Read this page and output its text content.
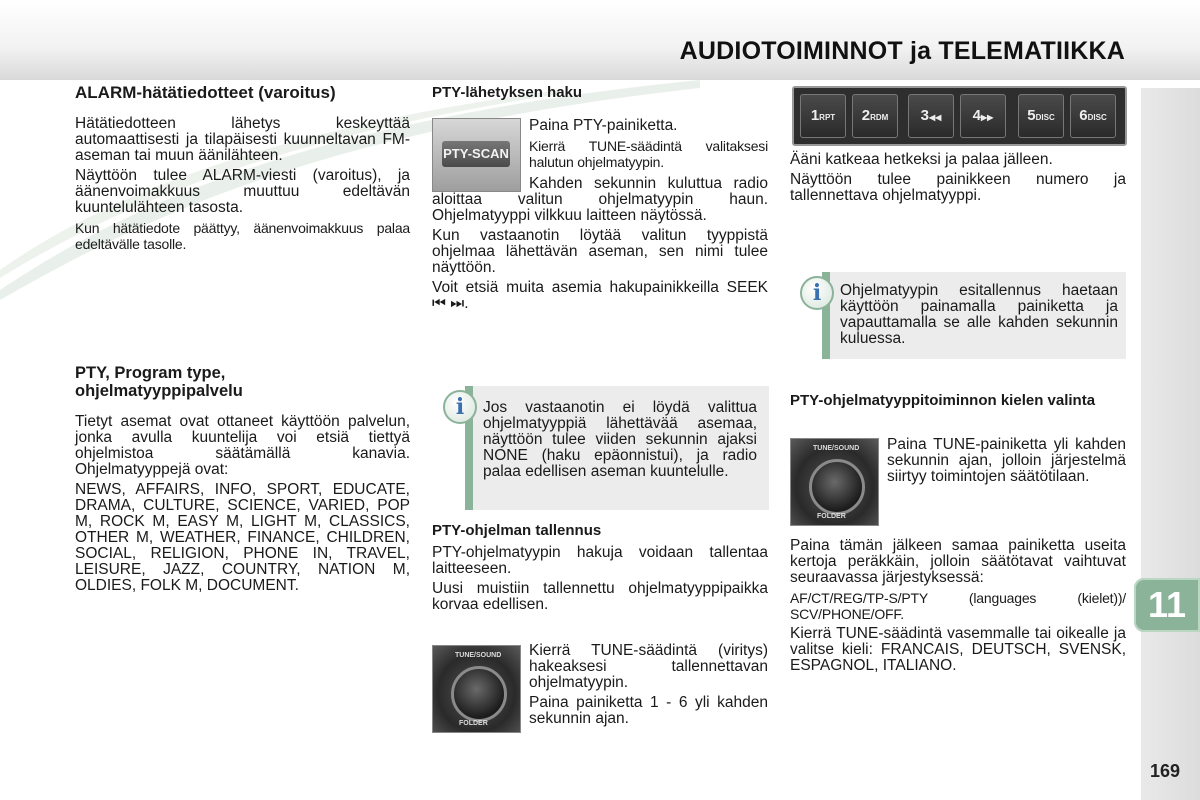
AUDIOTOIMINNOT ja TELEMATIIKKA
11
169
ALARM-hätätiedotteet (varoitus)

Hätätiedotteen lähetys keskeyttää automaattisesti ja tilapäisesti kuunneltavan FM-aseman tai muun äänilähteen.

Näyttöön tulee ALARM-viesti (varoitus), ja äänenvoimakkuus muuttuu edeltävän kuuntelulähteen tasosta.

Kun hätätiedote päättyy, äänenvoimakkuus palaa edeltävälle tasolle.

PTY, Program type, ohjelmatyyppipalvelu

Tietyt asemat ovat ottaneet käyttöön palvelun, jonka avulla kuuntelija voi etsiä tiettyä ohjelmistoa säätämällä kanavia. Ohjelmatyyppejä ovat:

NEWS, AFFAIRS, INFO, SPORT, EDUCATE, DRAMA, CULTURE, SCIENCE, VARIED, POP M, ROCK M, EASY M, LIGHT M, CLASSICS, OTHER M, WEATHER, FINANCE, CHILDREN, SOCIAL, RELIGION, PHONE IN, TRAVEL, LEISURE, JAZZ, COUNTRY, NATION M, OLDIES, FOLK M, DOCUMENT.

PTY-lähetyksen haku
PTY-SCAN

Paina PTY-painiketta.

Kierrä TUNE-säädintä valitaksesi halutun ohjelmatyypin.

Kahden sekunnin kuluttua radio aloittaa valitun ohjelmatyypin haun. Ohjelmatyyppi vilkkuu laitteen näytössä.

Kun vastaanotin löytää valitun tyyppistä ohjelmaa lähettävän aseman, sen nimi tulee näyttöön.

Voit etsiä muita asemia hakupainikkeilla SEEK ⏮ ⏭.

i	Jos vastaanotin ei löydä valittua ohjelmatyyppiä lähettävää asemaa, näyttöön tulee viiden sekunnin ajaksi NONE (haku epäonnistui), ja radio palaa edellisen aseman kuuntelulle.

PTY-ohjelman tallennus

PTY-ohjelmatyypin hakuja voidaan tallentaa laitteeseen.

Uusi muistiin tallennettu ohjelmatyyppipaikka korvaa edellisen.

TUNE/SOUND
FOLDER

Kierrä TUNE-säädintä (viritys) hakeaksesi tallennettavan ohjelmatyypin.

Paina painiketta 1 - 6 yli kahden sekunnin ajan.

1RPT	2RDM	3◀◀	4▶▶	5DISC	6DISC

Ääni katkeaa hetkeksi ja palaa jälleen.

Näyttöön tulee painikkeen numero ja tallennettava ohjelmatyyppi.

i	Ohjelmatyypin esitallennus haetaan käyttöön painamalla painiketta ja vapauttamalla se alle kahden sekunnin kuluessa.

PTY-ohjelmatyyppitoiminnon kielen valinta
TUNE/SOUND
FOLDER

Paina TUNE-painiketta yli kahden sekunnin ajan, jolloin järjestelmä siirtyy toimintojen säätötilaan.

Paina tämän jälkeen samaa painiketta useita kertoja peräkkäin, jolloin säätötavat vaihtuvat seuraavassa järjestyksessä:

AF/CT/REG/TP-S/PTY (languages (kielet))/ SCV/PHONE/OFF.

Kierrä TUNE-säädintä vasemmalle tai oikealle ja valitse kieli: FRANCAIS, DEUTSCH, SVENSK, ESPAGNOL, ITALIANO.
